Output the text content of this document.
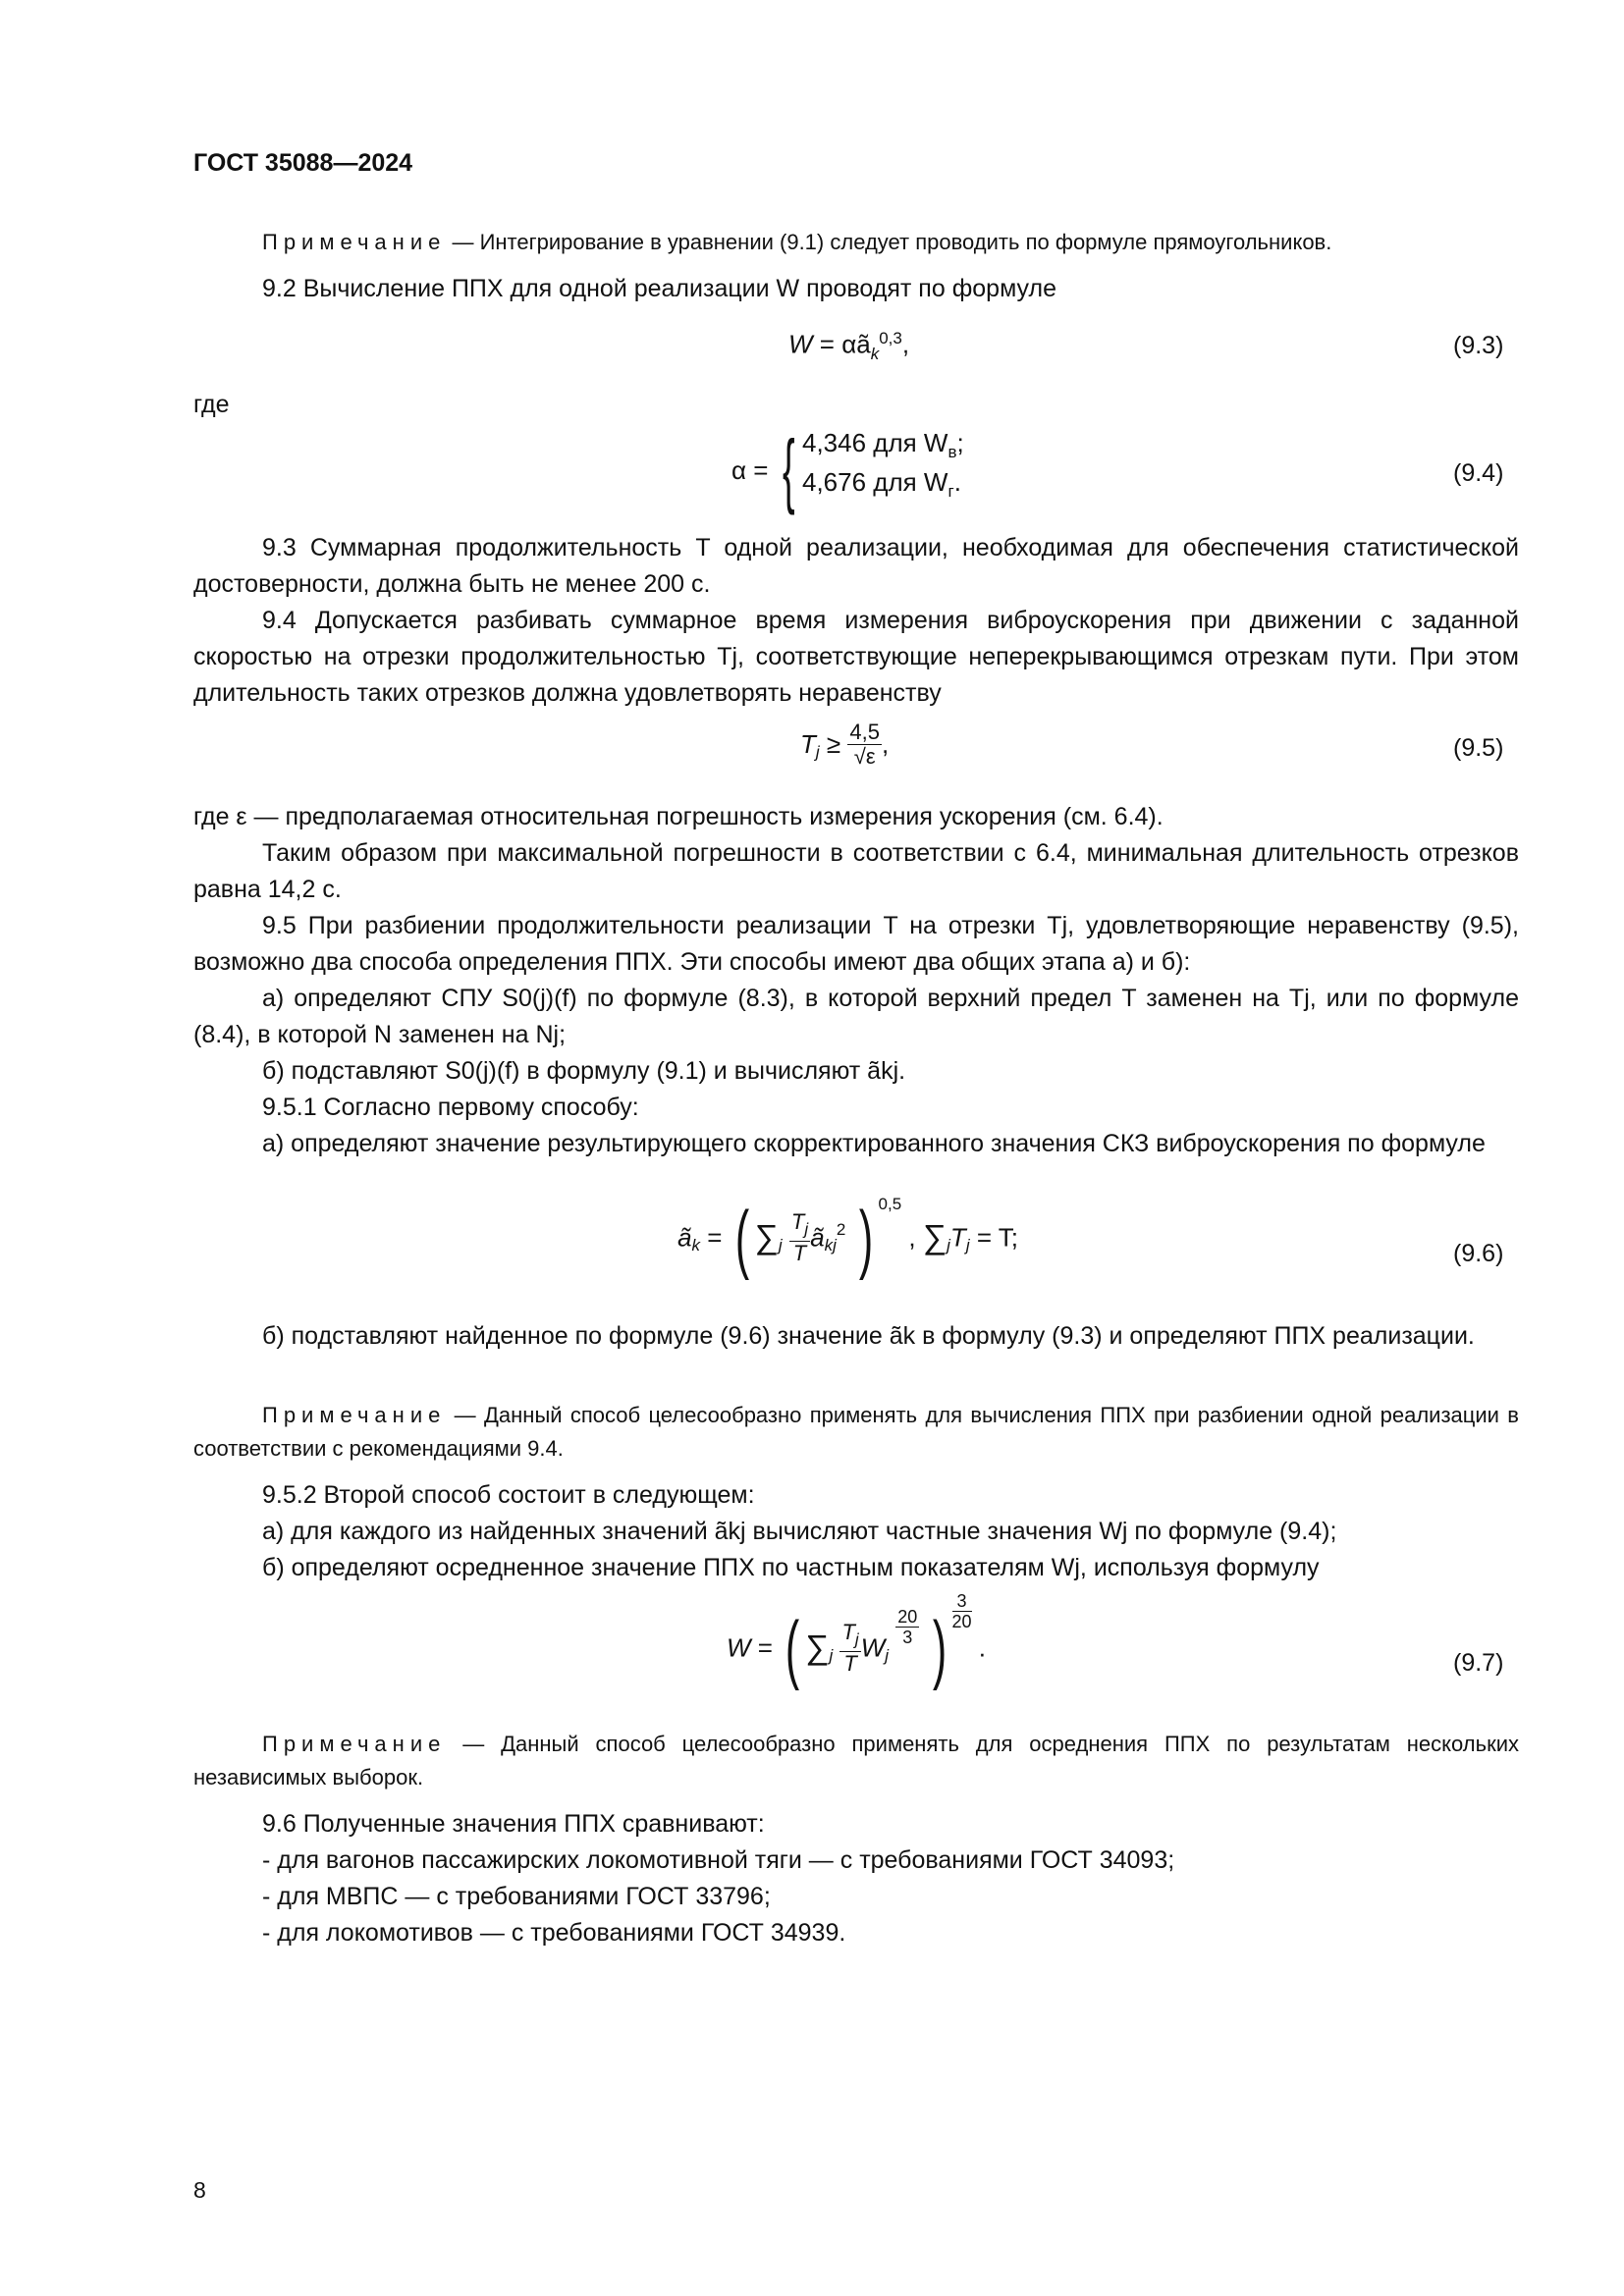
ГОСТ 35088—2024

Примечание — Интегрирование в уравнении (9.1) следует проводить по формуле прямоугольников.

9.2 Вычисление ППХ для одной реализации W проводят по формуле

$W = \alpha ã_k^{0,3}$,	(9.3)

где

α = { 4,346 для $W_в$;
4,676 для $W_г$.	(9.4)

9.3 Суммарная продолжительность T одной реализации, необходимая для обеспечения статистической достоверности, должна быть не менее 200 с.

9.4 Допускается разбивать суммарное время измерения виброускорения при движении с заданной скоростью на отрезки продолжительностью Tj, соответствующие неперекрывающимся отрезкам пути. При этом длительность таких отрезков должна удовлетворять неравенству

$T_j \ge \frac{4,5}{√\varepsilon}$ ,	(9.5)

где ε — предполагаемая относительная погрешность измерения ускорения (см. 6.4).

Таким образом при максимальной погрешности в соответствии с 6.4, минимальная длительность отрезков равна 14,2 с.

9.5 При разбиении продолжительности реализации T на отрезки Tj, удовлетворяющие неравенству (9.5), возможно два способа определения ППХ. Эти способы имеют два общих этапа а) и б):

а) определяют СПУ S0(j)(f) по формуле (8.3), в которой верхний предел T заменен на Tj, или по формуле (8.4), в которой N заменен на Nj;

б) подставляют S0(j)(f) в формулу (9.1) и вычисляют ãkj.

9.5.1 Согласно первому способу:

а) определяют значение результирующего скорректированного значения СКЗ виброускорения по формуле

$ã_k$ = ( $\sum_j \frac{T_j}{T}$ $ã_{kj}^2$ ) $^{0,5}$ , $\sum_jT_j = T$;
(9.6)

б) подставляют найденное по формуле (9.6) значение ãk в формулу (9.3) и определяют ППХ реализации.

Примечание — Данный способ целесообразно применять для вычисления ППХ при разбиении одной реализации в соответствии с рекомендациями 9.4.

9.5.2 Второй способ состоит в следующем:

а) для каждого из найденных значений ãkj вычисляют частные значения Wj по формуле (9.4);

б) определяют осредненное значение ППХ по частным показателям Wj, используя формулу

W = ( $\sum_j \frac{T_j}{T} W_j$
$\frac{20}{3}$ ) $\frac{3}{20}$
.
(9.7)

Примечание — Данный способ целесообразно применять для осреднения ППХ по результатам нескольких независимых выборок.

9.6 Полученные значения ППХ сравнивают:

- для вагонов пассажирских локомотивной тяги — с требованиями ГОСТ 34093;
- для МВПС — с требованиями ГОСТ 33796;
- для локомотивов — с требованиями ГОСТ 34939.
8
